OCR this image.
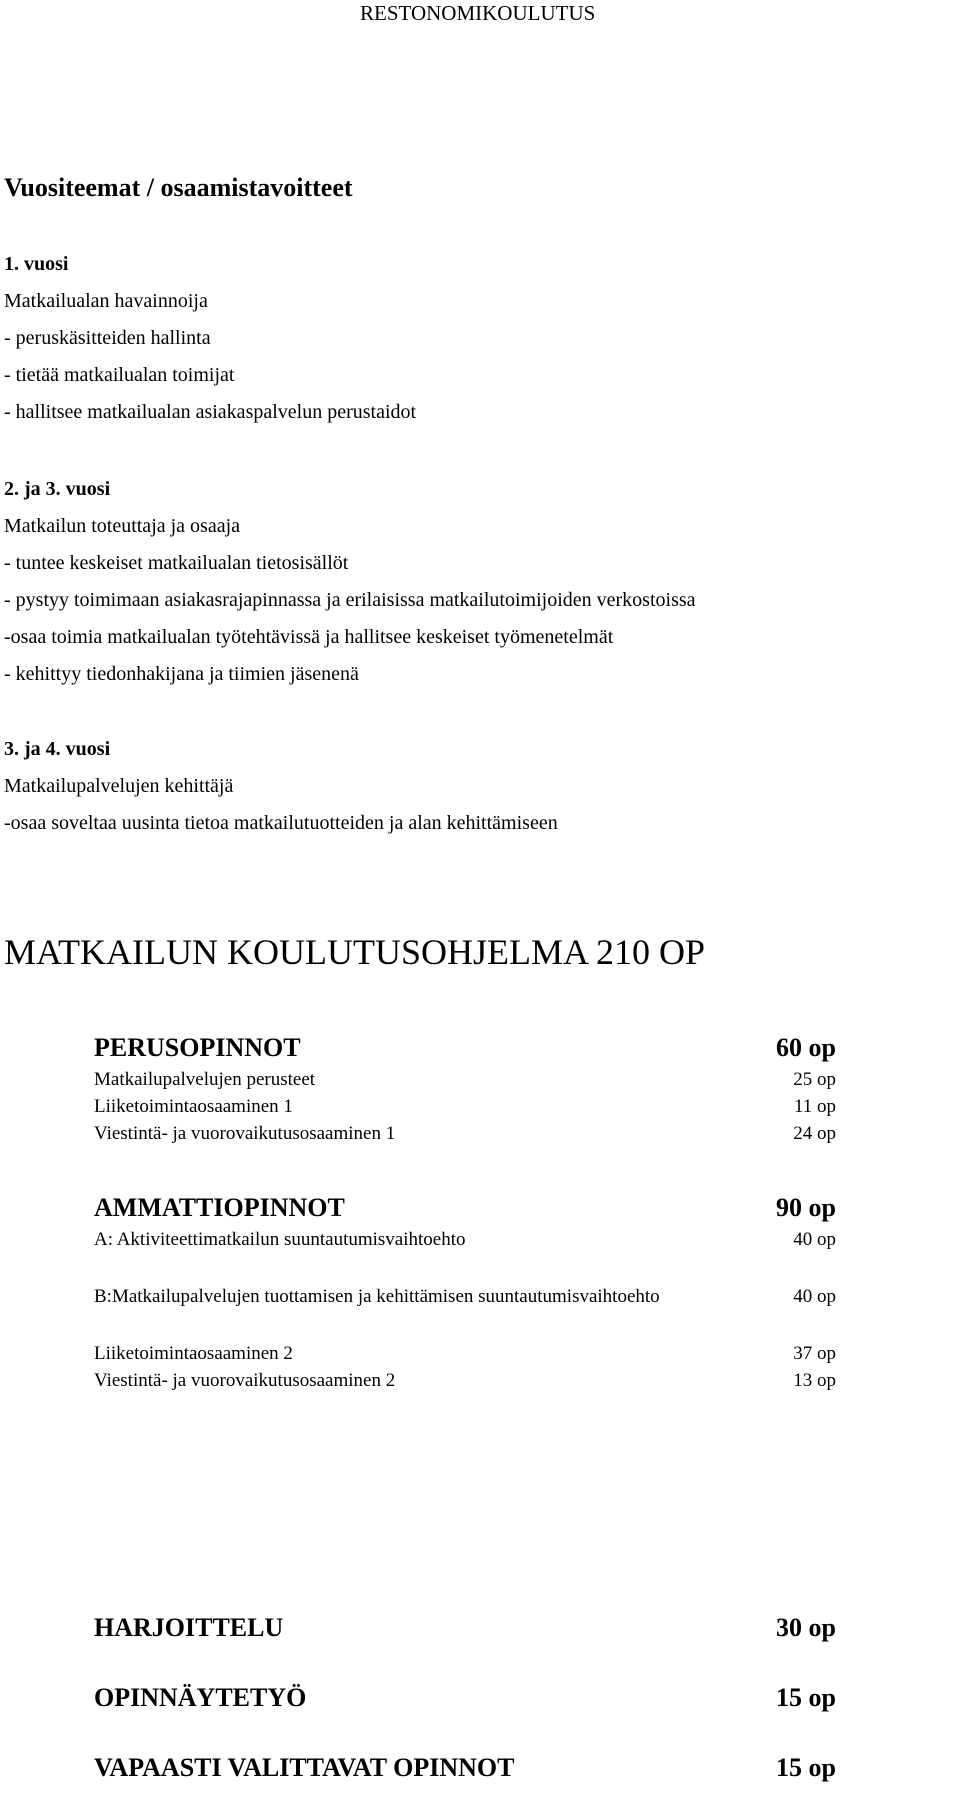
RESTONOMIKOULUTUS
Vuositeemat / osaamistavoitteet
1. vuosi
Matkailualan havainnoija
- peruskäsitteiden hallinta
- tietää matkailualan toimijat
- hallitsee matkailualan asiakaspalvelun perustaidot
2. ja 3. vuosi
Matkailun toteuttaja ja osaaja
- tuntee keskeiset matkailualan tietosisällöt
- pystyy toimimaan asiakasrajapinnassa ja erilaisissa matkailutoimijoiden verkostoissa
-osaa toimia matkailualan työtehtävissä ja hallitsee keskeiset työmenetelmät
- kehittyy tiedonhakijana ja tiimien jäsenenä
3. ja 4. vuosi
Matkailupalvelujen kehittäjä
-osaa soveltaa uusinta tietoa matkailutuotteiden ja alan kehittämiseen
MATKAILUN KOULUTUSOHJELMA 210 OP
PERUSOPINNOT	60 op
Matkailupalvelujen perusteet	25 op
Liiketoimintaosaaminen 1	11 op
Viestintä- ja vuorovaikutusosaaminen 1	24 op
AMMATTIOPINNOT	90 op
A: Aktiviteettimatkailun suuntautumisvaihtoehto	40 op
B:Matkailupalvelujen tuottamisen ja kehittämisen suuntautumisvaihtoehto	40 op
Liiketoimintaosaaminen 2	37 op
Viestintä- ja vuorovaikutusosaaminen 2	13 op
HARJOITTELU	30 op
OPINNÄYTETYÖ	15 op
VAPAASTI VALITTAVAT OPINNOT	15 op
